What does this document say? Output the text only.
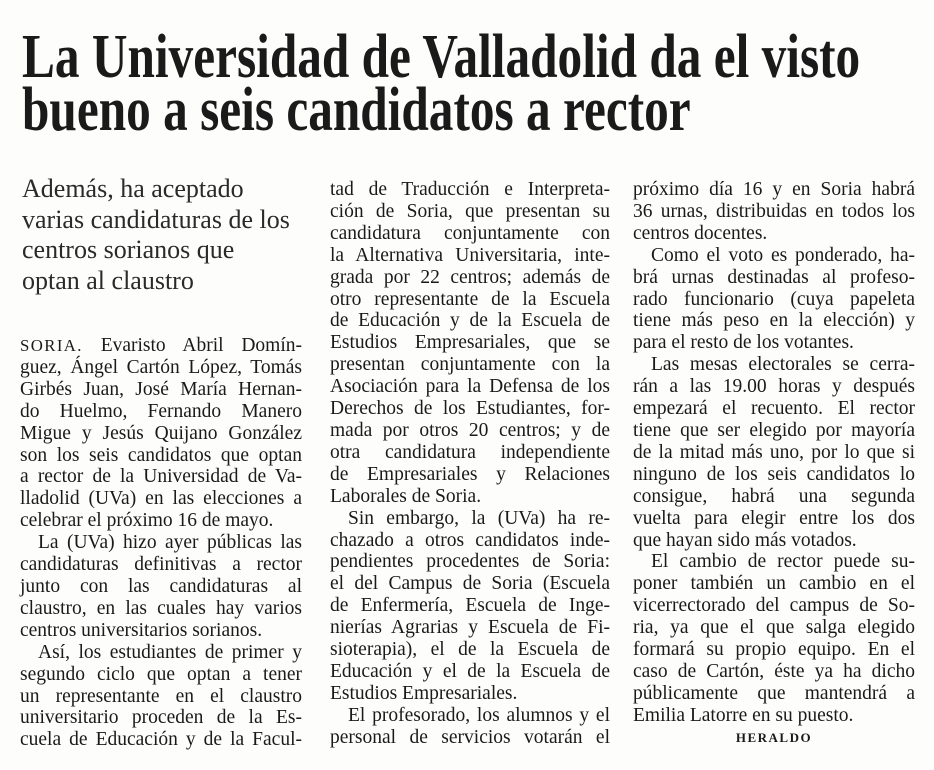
La Universidad de Valladolid da el visto
bueno a seis candidatos a rector
Además, ha aceptado
varias candidaturas de los
centros sorianos que
optan al claustro
SORIA. Evaristo Abril Domín-
guez, Ángel Cartón López, Tomás
Girbés Juan, José María Hernan-
do Huelmo, Fernando Manero
Migue y Jesús Quijano González
son los seis candidatos que optan
a rector de la Universidad de Va-
lladolid (UVa) en las elecciones a
celebrar el próximo 16 de mayo.
La (UVa) hizo ayer públicas las
candidaturas definitivas a rector
junto con las candidaturas al
claustro, en las cuales hay varios
centros universitarios sorianos.
Así, los estudiantes de primer y
segundo ciclo que optan a tener
un representante en el claustro
universitario proceden de la Es-
cuela de Educación y de la Facul-
tad de Traducción e Interpreta-
ción de Soria, que presentan su
candidatura conjuntamente con
la Alternativa Universitaria, inte-
grada por 22 centros; además de
otro representante de la Escuela
de Educación y de la Escuela de
Estudios Empresariales, que se
presentan conjuntamente con la
Asociación para la Defensa de los
Derechos de los Estudiantes, for-
mada por otros 20 centros; y de
otra candidatura independiente
de Empresariales y Relaciones
Laborales de Soria.
Sin embargo, la (UVa) ha re-
chazado a otros candidatos inde-
pendientes procedentes de Soria:
el del Campus de Soria (Escuela
de Enfermería, Escuela de Inge-
nierías Agrarias y Escuela de Fi-
sioterapia), el de la Escuela de
Educación y el de la Escuela de
Estudios Empresariales.
El profesorado, los alumnos y el
personal de servicios votarán el
próximo día 16 y en Soria habrá
36 urnas, distribuidas en todos los
centros docentes.
Como el voto es ponderado, ha-
brá urnas destinadas al profeso-
rado funcionario (cuya papeleta
tiene más peso en la elección) y
para el resto de los votantes.
Las mesas electorales se cerra-
rán a las 19.00 horas y después
empezará el recuento. El rector
tiene que ser elegido por mayoría
de la mitad más uno, por lo que si
ninguno de los seis candidatos lo
consigue, habrá una segunda
vuelta para elegir entre los dos
que hayan sido más votados.
El cambio de rector puede su-
poner también un cambio en el
vicerrectorado del campus de So-
ria, ya que el que salga elegido
formará su propio equipo. En el
caso de Cartón, éste ya ha dicho
públicamente que mantendrá a
Emilia Latorre en su puesto.
HERALDO
